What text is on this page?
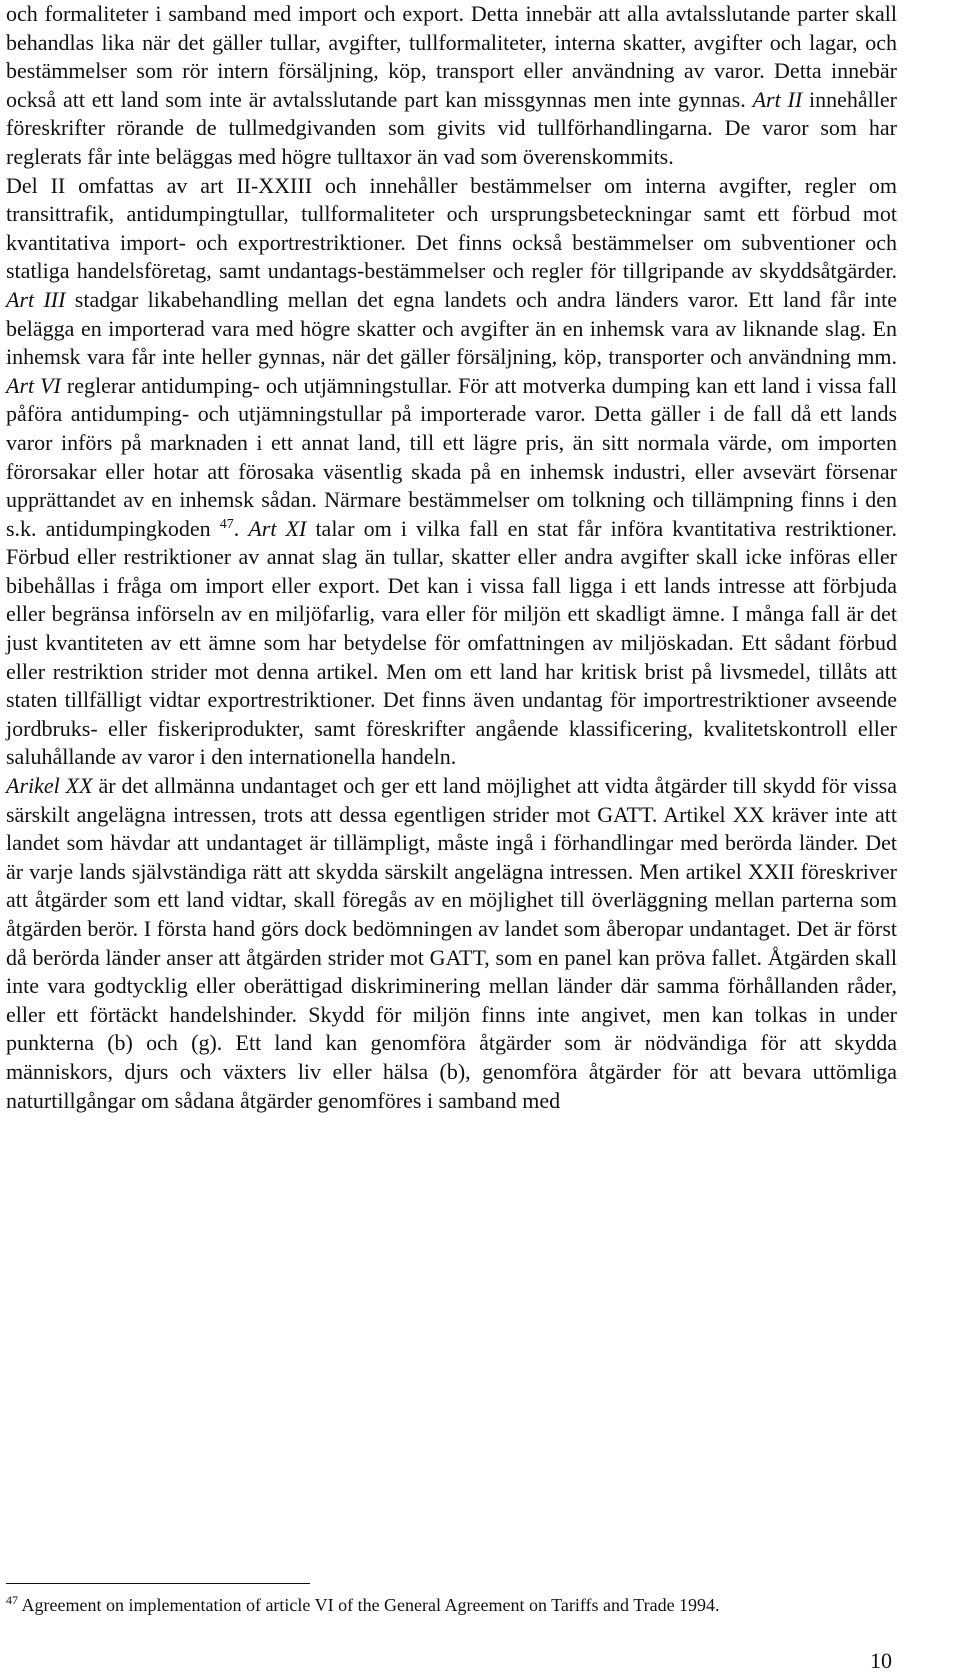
och formaliteter i samband med import och export. Detta innebär att alla avtalsslutande parter skall behandlas lika när det gäller tullar, avgifter, tullformaliteter, interna skatter, avgifter och lagar, och bestämmelser som rör intern försäljning, köp, transport eller användning av varor. Detta innebär också att ett land som inte är avtalsslutande part kan missgynnas men inte gynnas. Art II innehåller föreskrifter rörande de tullmedgivanden som givits vid tullförhandlingarna. De varor som har reglerats får inte beläggas med högre tulltaxor än vad som överenskommits.

Del II omfattas av art II-XXIII och innehåller bestämmelser om interna avgifter, regler om transittrafik, antidumpingtullar, tullformaliteter och ursprungsbeteckningar samt ett förbud mot kvantitativa import- och exportrestriktioner. Det finns också bestämmelser om subventioner och statliga handelsföretag, samt undantags-bestämmelser och regler för tillgripande av skyddsåtgärder. Art III stadgar likabehandling mellan det egna landets och andra länders varor. Ett land får inte belägga en importerad vara med högre skatter och avgifter än en inhemsk vara av liknande slag. En inhemsk vara får inte heller gynnas, när det gäller försäljning, köp, transporter och användning mm. Art VI reglerar antidumping- och utjämningstullar. För att motverka dumping kan ett land i vissa fall påföra antidumping- och utjämningstullar på importerade varor. Detta gäller i de fall då ett lands varor införs på marknaden i ett annat land, till ett lägre pris, än sitt normala värde, om importen förorsakar eller hotar att förosaka väsentlig skada på en inhemsk industri, eller avsevärt försenar upprättandet av en inhemsk sådan. Närmare bestämmelser om tolkning och tillämpning finns i den s.k. antidumpingkoden $^{47}$. Art XI talar om i vilka fall en stat får införa kvantitativa restriktioner. Förbud eller restriktioner av annat slag än tullar, skatter eller andra avgifter skall icke införas eller bibehållas i fråga om import eller export. Det kan i vissa fall ligga i ett lands intresse att förbjuda eller begränsa införseln av en miljöfarlig, vara eller för miljön ett skadligt ämne. I många fall är det just kvantiteten av ett ämne som har betydelse för omfattningen av miljöskadan. Ett sådant förbud eller restriktion strider mot denna artikel. Men om ett land har kritisk brist på livsmedel, tillåts att staten tillfälligt vidtar exportrestriktioner. Det finns även undantag för importrestriktioner avseende jordbruks- eller fiskeriprodukter, samt föreskrifter angående klassificering, kvalitetskontroll eller saluhållande av varor i den internationella handeln.

Arikel XX är det allmänna undantaget och ger ett land möjlighet att vidta åtgärder till skydd för vissa särskilt angelägna intressen, trots att dessa egentligen strider mot GATT. Artikel XX kräver inte att landet som hävdar att undantaget är tillämpligt, måste ingå i förhandlingar med berörda länder. Det är varje lands självständiga rätt att skydda särskilt angelägna intressen. Men artikel XXII föreskriver att åtgärder som ett land vidtar, skall föregås av en möjlighet till överläggning mellan parterna som åtgärden berör. I första hand görs dock bedömningen av landet som åberopar undantaget. Det är först då berörda länder anser att åtgärden strider mot GATT, som en panel kan pröva fallet. Åtgärden skall inte vara godtycklig eller oberättigad diskriminering mellan länder där samma förhållanden råder, eller ett förtäckt handelshinder. Skydd för miljön finns inte angivet, men kan tolkas in under punkterna (b) och (g). Ett land kan genomföra åtgärder som är nödvändiga för att skydda människors, djurs och växters liv eller hälsa (b), genomföra åtgärder för att bevara uttömliga naturtillgångar om sådana åtgärder genomföres i samband med

$^{47}$ Agreement on implementation of article VI of the General Agreement on Tariffs and Trade 1994.
10
